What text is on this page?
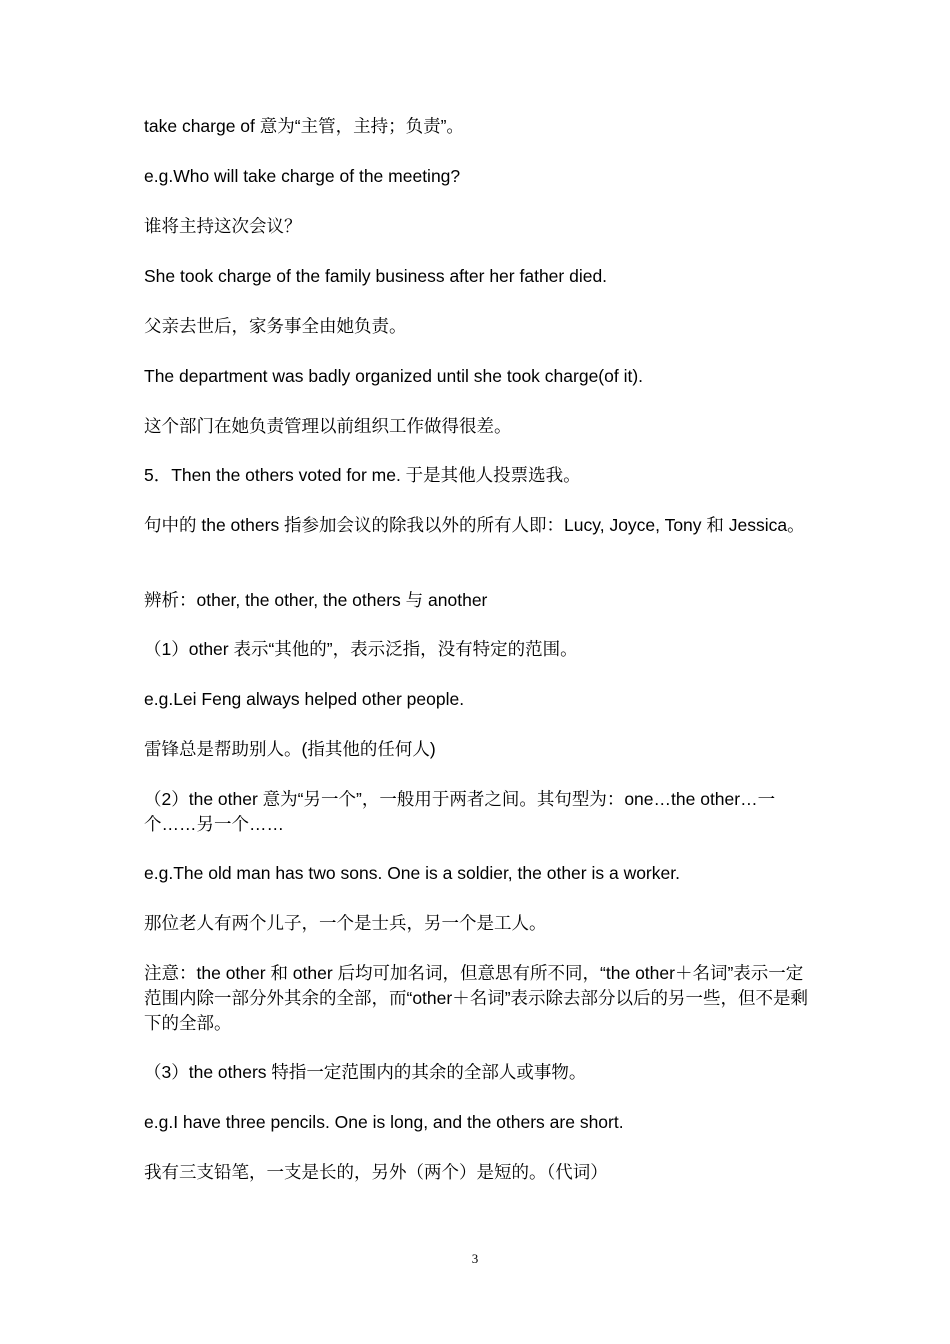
take charge of 意为“主管，主持；负责”。

e.g.Who will take charge of the meeting?

谁将主持这次会议？

She took charge of the family business after her father died.

父亲去世后，家务事全由她负责。

The department was badly organized until she took charge(of it).

这个部门在她负责管理以前组织工作做得很差。

5．Then the others voted for me. 于是其他人投票选我。

句中的 the others 指参加会议的除我以外的所有人即：Lucy, Joyce, Tony 和 Jessica。

辨析：other, the other, the others 与 another

（1）other 表示“其他的”，表示泛指，没有特定的范围。

e.g.Lei Feng always helped other people.

雷锋总是帮助别人。(指其他的任何人)

（2）the other 意为“另一个”，一般用于两者之间。其句型为：one…the other…一个……另一个……

e.g.The old man has two sons. One is a soldier, the other is a worker.

那位老人有两个儿子，一个是士兵，另一个是工人。

注意：the other 和 other 后均可加名词，但意思有所不同，“the other＋名词”表示一定范围内除一部分外其余的全部，而“other＋名词”表示除去部分以后的另一些，但不是剩下的全部。

（3）the others 特指一定范围内的其余的全部人或事物。

e.g.I have three pencils. One is long, and the others are short.

我有三支铅笔，一支是长的，另外（两个）是短的。（代词）

3
